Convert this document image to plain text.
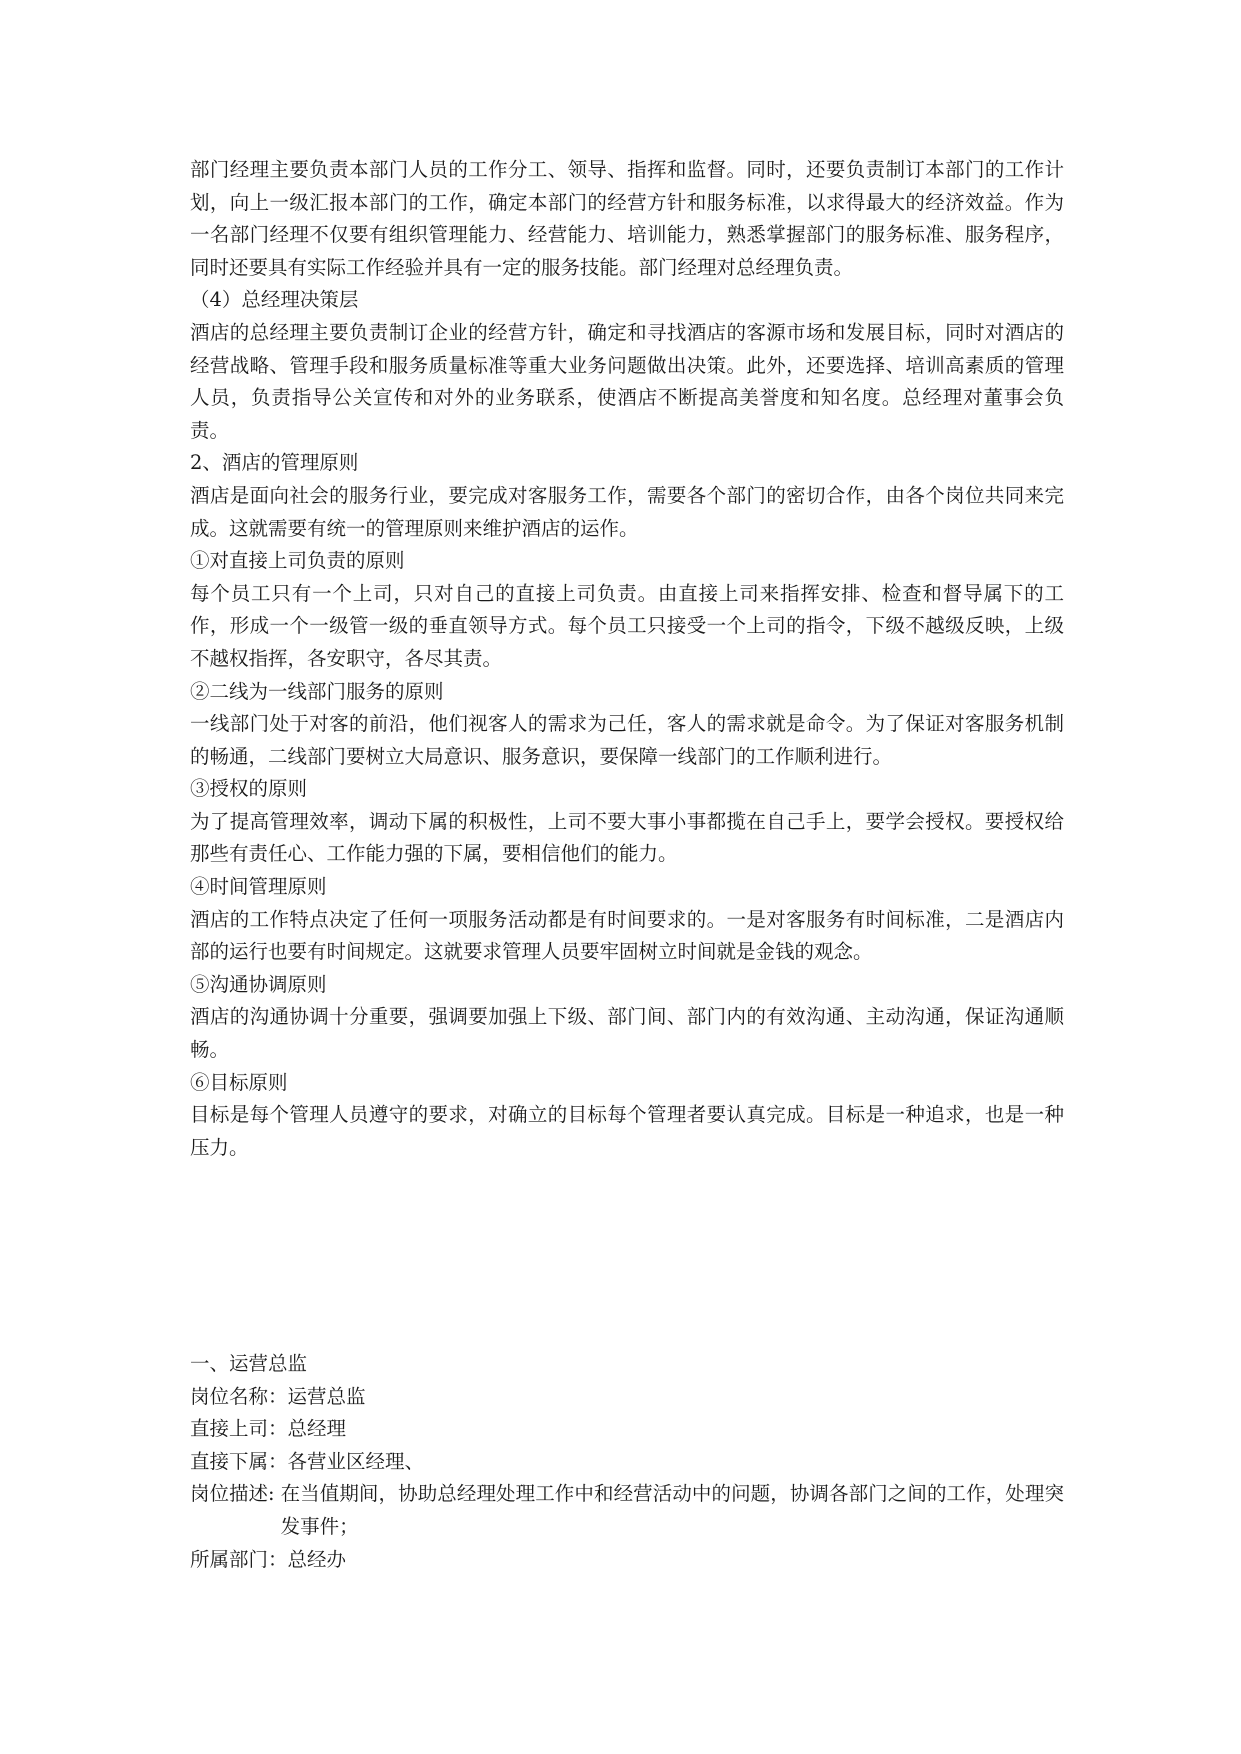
部门经理主要负责本部门人员的工作分工、领导、指挥和监督。同时，还要负责制订本部门的工作计划，向上一级汇报本部门的工作，确定本部门的经营方针和服务标准，以求得最大的经济效益。作为一名部门经理不仅要有组织管理能力、经营能力、培训能力，熟悉掌握部门的服务标准、服务程序，同时还要具有实际工作经验并具有一定的服务技能。部门经理对总经理负责。

（4）总经理决策层

酒店的总经理主要负责制订企业的经营方针，确定和寻找酒店的客源市场和发展目标，同时对酒店的经营战略、管理手段和服务质量标准等重大业务问题做出决策。此外，还要选择、培训高素质的管理人员，负责指导公关宣传和对外的业务联系，使酒店不断提高美誉度和知名度。总经理对董事会负责。

2、酒店的管理原则

酒店是面向社会的服务行业，要完成对客服务工作，需要各个部门的密切合作，由各个岗位共同来完成。这就需要有统一的管理原则来维护酒店的运作。

①对直接上司负责的原则

每个员工只有一个上司，只对自己的直接上司负责。由直接上司来指挥安排、检查和督导属下的工作，形成一个一级管一级的垂直领导方式。每个员工只接受一个上司的指令，下级不越级反映，上级不越权指挥，各安职守，各尽其责。

②二线为一线部门服务的原则

一线部门处于对客的前沿，他们视客人的需求为己任，客人的需求就是命令。为了保证对客服务机制的畅通，二线部门要树立大局意识、服务意识，要保障一线部门的工作顺利进行。

③授权的原则

为了提高管理效率，调动下属的积极性，上司不要大事小事都揽在自己手上，要学会授权。要授权给那些有责任心、工作能力强的下属，要相信他们的能力。

④时间管理原则

酒店的工作特点决定了任何一项服务活动都是有时间要求的。一是对客服务有时间标准，二是酒店内部的运行也要有时间规定。这就要求管理人员要牢固树立时间就是金钱的观念。

⑤沟通协调原则

酒店的沟通协调十分重要，强调要加强上下级、部门间、部门内的有效沟通、主动沟通，保证沟通顺畅。

⑥目标原则

目标是每个管理人员遵守的要求，对确立的目标每个管理者要认真完成。目标是一种追求，也是一种压力。

一、运营总监

岗位名称：运营总监

直接上司：总经理

直接下属：各营业区经理、

岗位描述: 在当值期间，协助总经理处理工作中和经营活动中的问题，协调各部门之间的工作，处理突发事件；

所属部门：总经办
